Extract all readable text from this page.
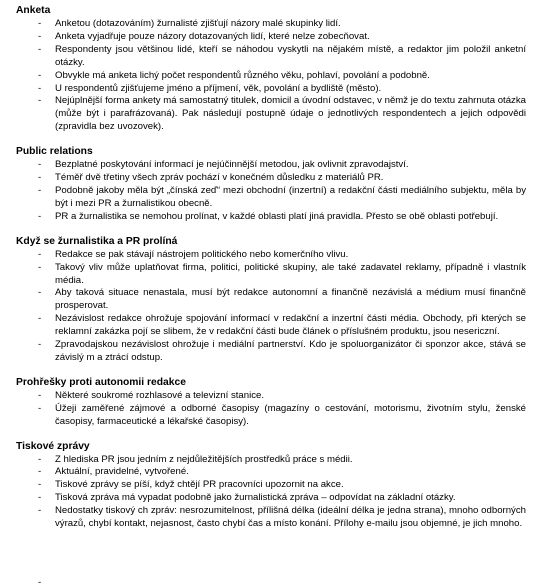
Anketa
- Anketou (dotazováním) žurnalisté zjišťují názory malé skupinky lidí.
- Anketa vyjadřuje pouze názory dotazovaných lidí, které nelze zobecňovat.
- Respondenty jsou většinou lidé, kteří se náhodou vyskytli na nějakém místě, a redaktor jim položil anketní otázky.
- Obvykle má anketa lichý počet respondentů různého věku, pohlaví, povolání a podobně.
- U respondentů zjišťujeme jméno a příjmení, věk, povolání a bydliště (město).
- Nejúplnější forma ankety má samostatný titulek, domicil a úvodní odstavec, v němž je do textu zahrnuta otázka (může být i parafrázovaná). Pak následují postupně údaje o jednotlivých respondentech a jejich odpovědi (zpravidla bez uvozovek).
Public relations
- Bezplatné poskytování informací je nejúčinnější metodou, jak ovlivnit zpravodajství.
- Téměř dvě třetiny všech zpráv pochází v konečném důsledku z materiálů PR.
- Podobně jakoby měla být „čínská zeď“ mezi obchodní (inzertní) a redakční části mediálního subjektu, měla by být i mezi PR a žurnalistikou obecně.
- PR a žurnalistika se nemohou prolínat, v každé oblasti platí jiná pravidla. Přesto se obě oblasti potřebují.
Když se žurnalistika a PR prolíná
- Redakce se pak stávají nástrojem politického nebo komerčního vlivu.
- Takový vliv může uplatňovat firma, politici, politické skupiny, ale také zadavatel reklamy, případně i vlastník média.
- Aby taková situace nenastala, musí být redakce autonomní a finančně nezávislá a médium musí finančně prosperovat.
- Nezávislost redakce ohrožuje spojování informací v redakční a inzertní části média. Obchody, při kterých se reklamní zakázka pojí se slibem, že v redakční části bude článek o příslušném produktu, jsou nesericzní.
- Zpravodajskou nezávislost ohrožuje i mediální partnerství. Kdo je spoluorganizátor či sponzor akce, stává se závislý m a ztrácí odstup.
Prohřešky proti autonomii redakce
- Některé soukromé rozhlasové a televizní stanice.
- Úžeji zaměřené zájmové a odborné časopisy (magazíny o cestování, motorismu, životním stylu, ženské časopisy, farmaceutické a lékařské časopisy).
Tiskové zprávy
- Z hlediska PR jsou jedním z nejdůležitějších prostředků práce s médii.
- Aktuální, pravidelné, vytvořené.
- Tiskové zprávy se píší, když chtějí PR pracovníci upozornit na akce.
- Tisková zpráva má vypadat podobně jako žurnalistická zpráva – odpovídat na základní otázky.
- Nedostatky tiskový ch zpráv: nesrozumitelnost, přílišná délka (ideální délka je jedna strana), mnoho odborných výrazů, chybí kontakt, nejasnost, často chybí čas a místo konání. Přílohy e-mailu jsou objemné, je jich mnoho.
-
